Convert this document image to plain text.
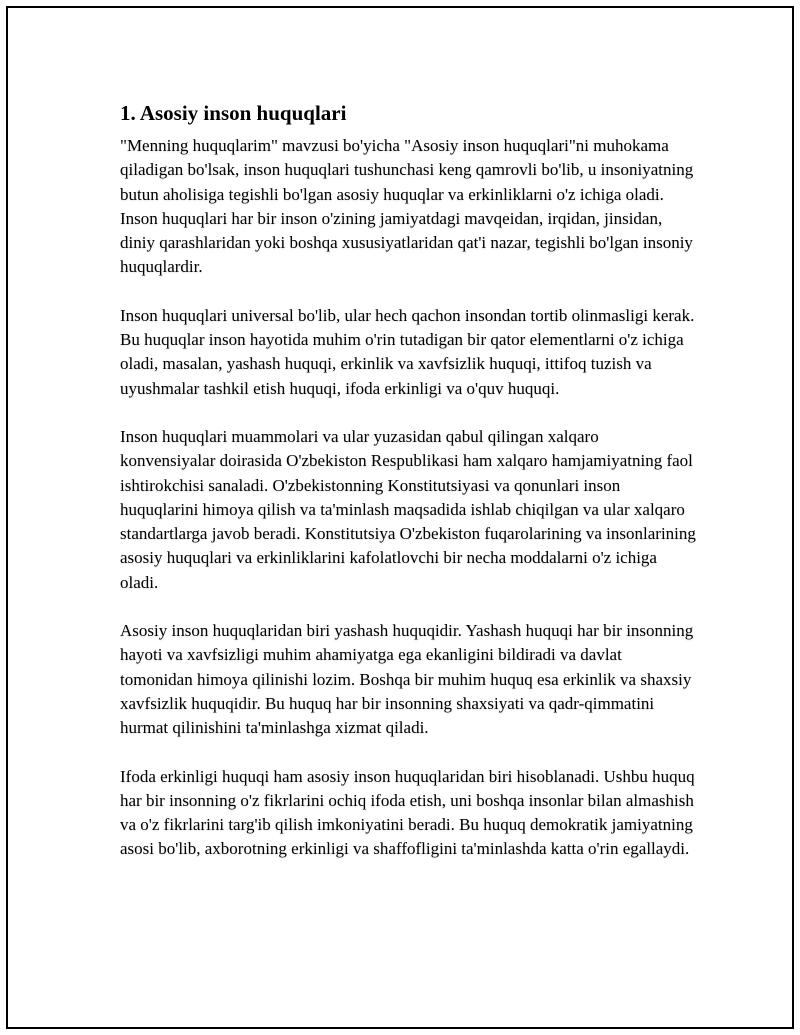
1. Asosiy inson huquqlari

"Menning huquqlarim" mavzusi bo'yicha "Asosiy inson huquqlari"ni muhokama qiladigan bo'lsak, inson huquqlari tushunchasi keng qamrovli bo'lib, u insoniyatning butun aholisiga tegishli bo'lgan asosiy huquqlar va erkinliklarni o'z ichiga oladi. Inson huquqlari har bir inson o'zining jamiyatdagi mavqeidan, irqidan, jinsidan, diniy qarashlaridan yoki boshqa xususiyatlaridan qat'i nazar, tegishli bo'lgan insoniy huquqlardir.

Inson huquqlari universal bo'lib, ular hech qachon insondan tortib olinmasligi kerak. Bu huquqlar inson hayotida muhim o'rin tutadigan bir qator elementlarni o'z ichiga oladi, masalan, yashash huquqi, erkinlik va xavfsizlik huquqi, ittifoq tuzish va uyushmalar tashkil etish huquqi, ifoda erkinligi va o'quv huquqi.

Inson huquqlari muammolari va ular yuzasidan qabul qilingan xalqaro konvensiyalar doirasida O'zbekiston Respublikasi ham xalqaro hamjamiyatning faol ishtirokchisi sanaladi. O'zbekistonning Konstitutsiyasi va qonunlari inson huquqlarini himoya qilish va ta'minlash maqsadida ishlab chiqilgan va ular xalqaro standartlarga javob beradi. Konstitutsiya O'zbekiston fuqarolarining va insonlarining asosiy huquqlari va erkinliklarini kafolatlovchi bir necha moddalarni o'z ichiga oladi.

Asosiy inson huquqlaridan biri yashash huquqidir. Yashash huquqi har bir insonning hayoti va xavfsizligi muhim ahamiyatga ega ekanligini bildiradi va davlat tomonidan himoya qilinishi lozim. Boshqa bir muhim huquq esa erkinlik va shaxsiy xavfsizlik huquqidir. Bu huquq har bir insonning shaxsiyati va qadr-qimmatini hurmat qilinishini ta'minlashga xizmat qiladi.

Ifoda erkinligi huquqi ham asosiy inson huquqlaridan biri hisoblanadi. Ushbu huquq har bir insonning o'z fikrlarini ochiq ifoda etish, uni boshqa insonlar bilan almashish va o'z fikrlarini targ'ib qilish imkoniyatini beradi. Bu huquq demokratik jamiyatning asosi bo'lib, axborotning erkinligi va shaffofligini ta'minlashda katta o'rin egallaydi.
